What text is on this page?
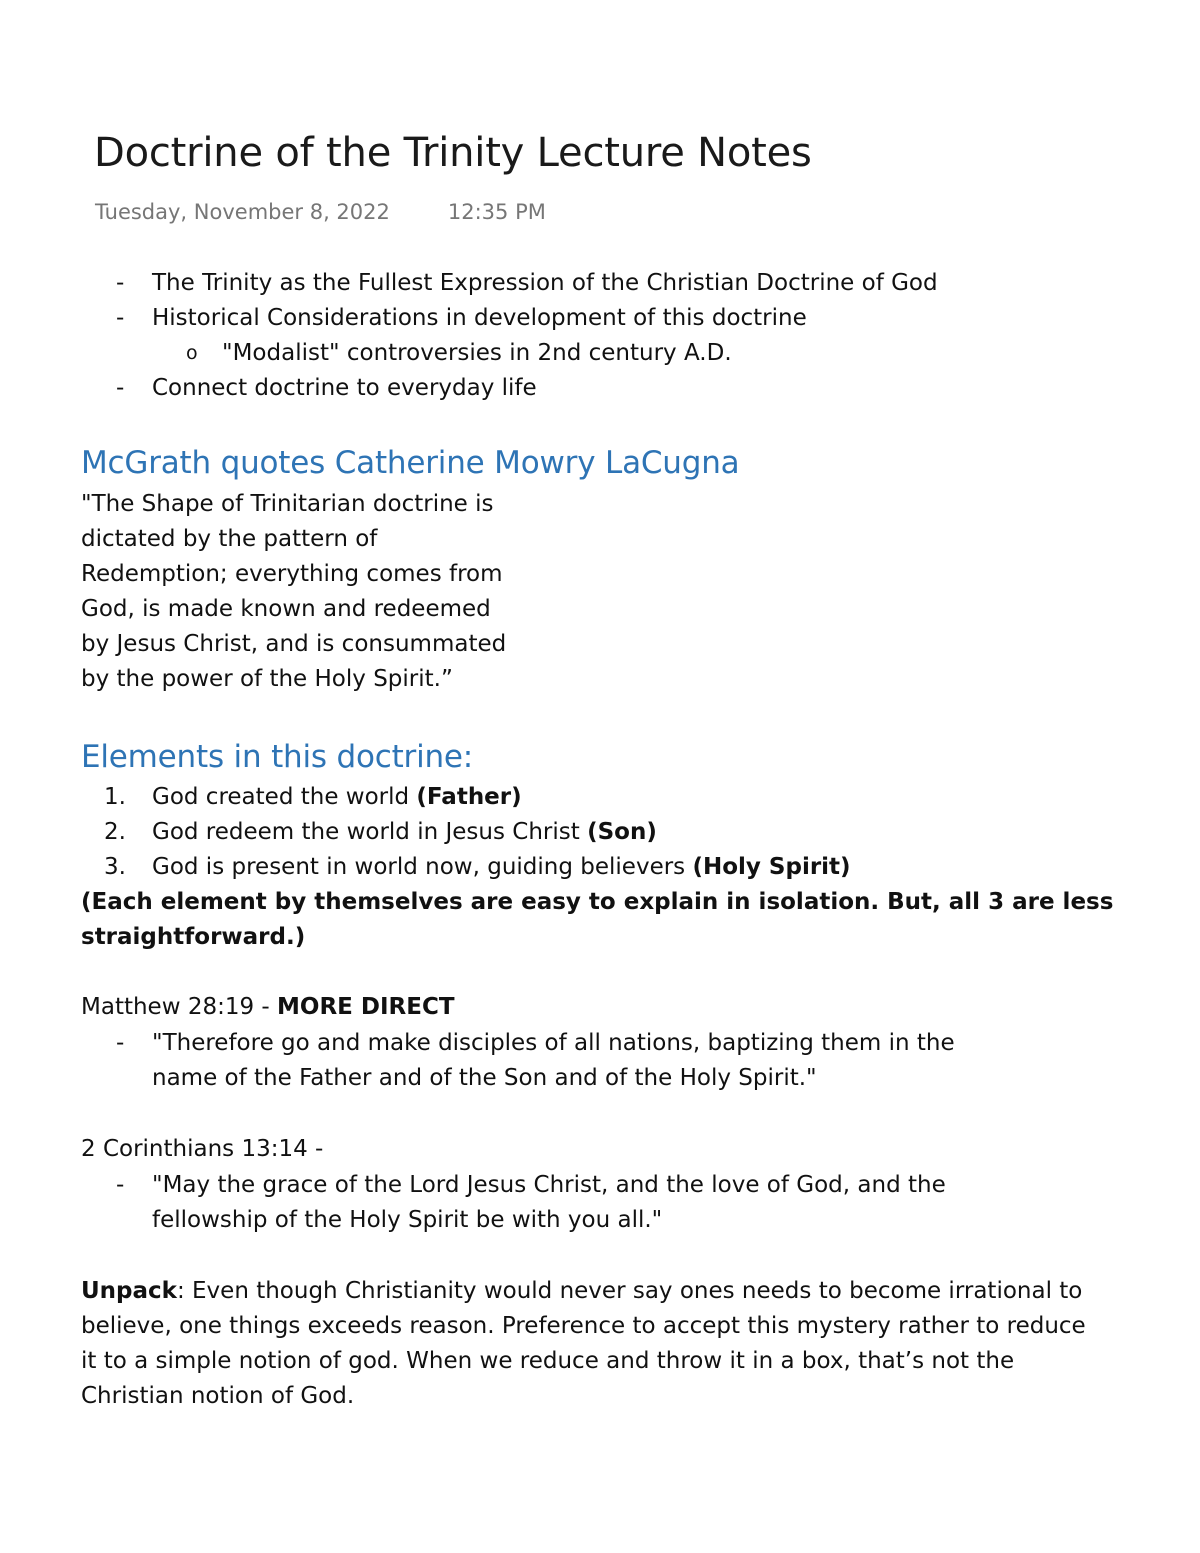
Doctrine of the Trinity Lecture Notes
Tuesday, November 8, 2022	12:35 PM
- The Trinity as the Fullest Expression of the Christian Doctrine of God
- Historical Considerations in development of this doctrine
o "Modalist" controversies in 2nd century A.D.
- Connect doctrine to everyday life
McGrath quotes Catherine Mowry LaCugna
"The Shape of Trinitarian doctrine is
dictated by the pattern of
Redemption; everything comes from
God, is made known and redeemed
by Jesus Christ, and is consummated
by the power of the Holy Spirit.”
Elements in this doctrine:
1. God created the world (Father)
2. God redeem the world in Jesus Christ (Son)
3. God is present in world now, guiding believers (Holy Spirit)
(Each element by themselves are easy to explain in isolation. But, all 3 are less
straightforward.)
Matthew 28:19 - MORE DIRECT
- "Therefore go and make disciples of all nations, baptizing them in the
name of the Father and of the Son and of the Holy Spirit."
2 Corinthians 13:14 -
- "May the grace of the Lord Jesus Christ, and the love of God, and the
fellowship of the Holy Spirit be with you all."
Unpack: Even though Christianity would never say ones needs to become irrational to
believe, one things exceeds reason. Preference to accept this mystery rather to reduce
it to a simple notion of god. When we reduce and throw it in a box, that’s not the
Christian notion of God.
